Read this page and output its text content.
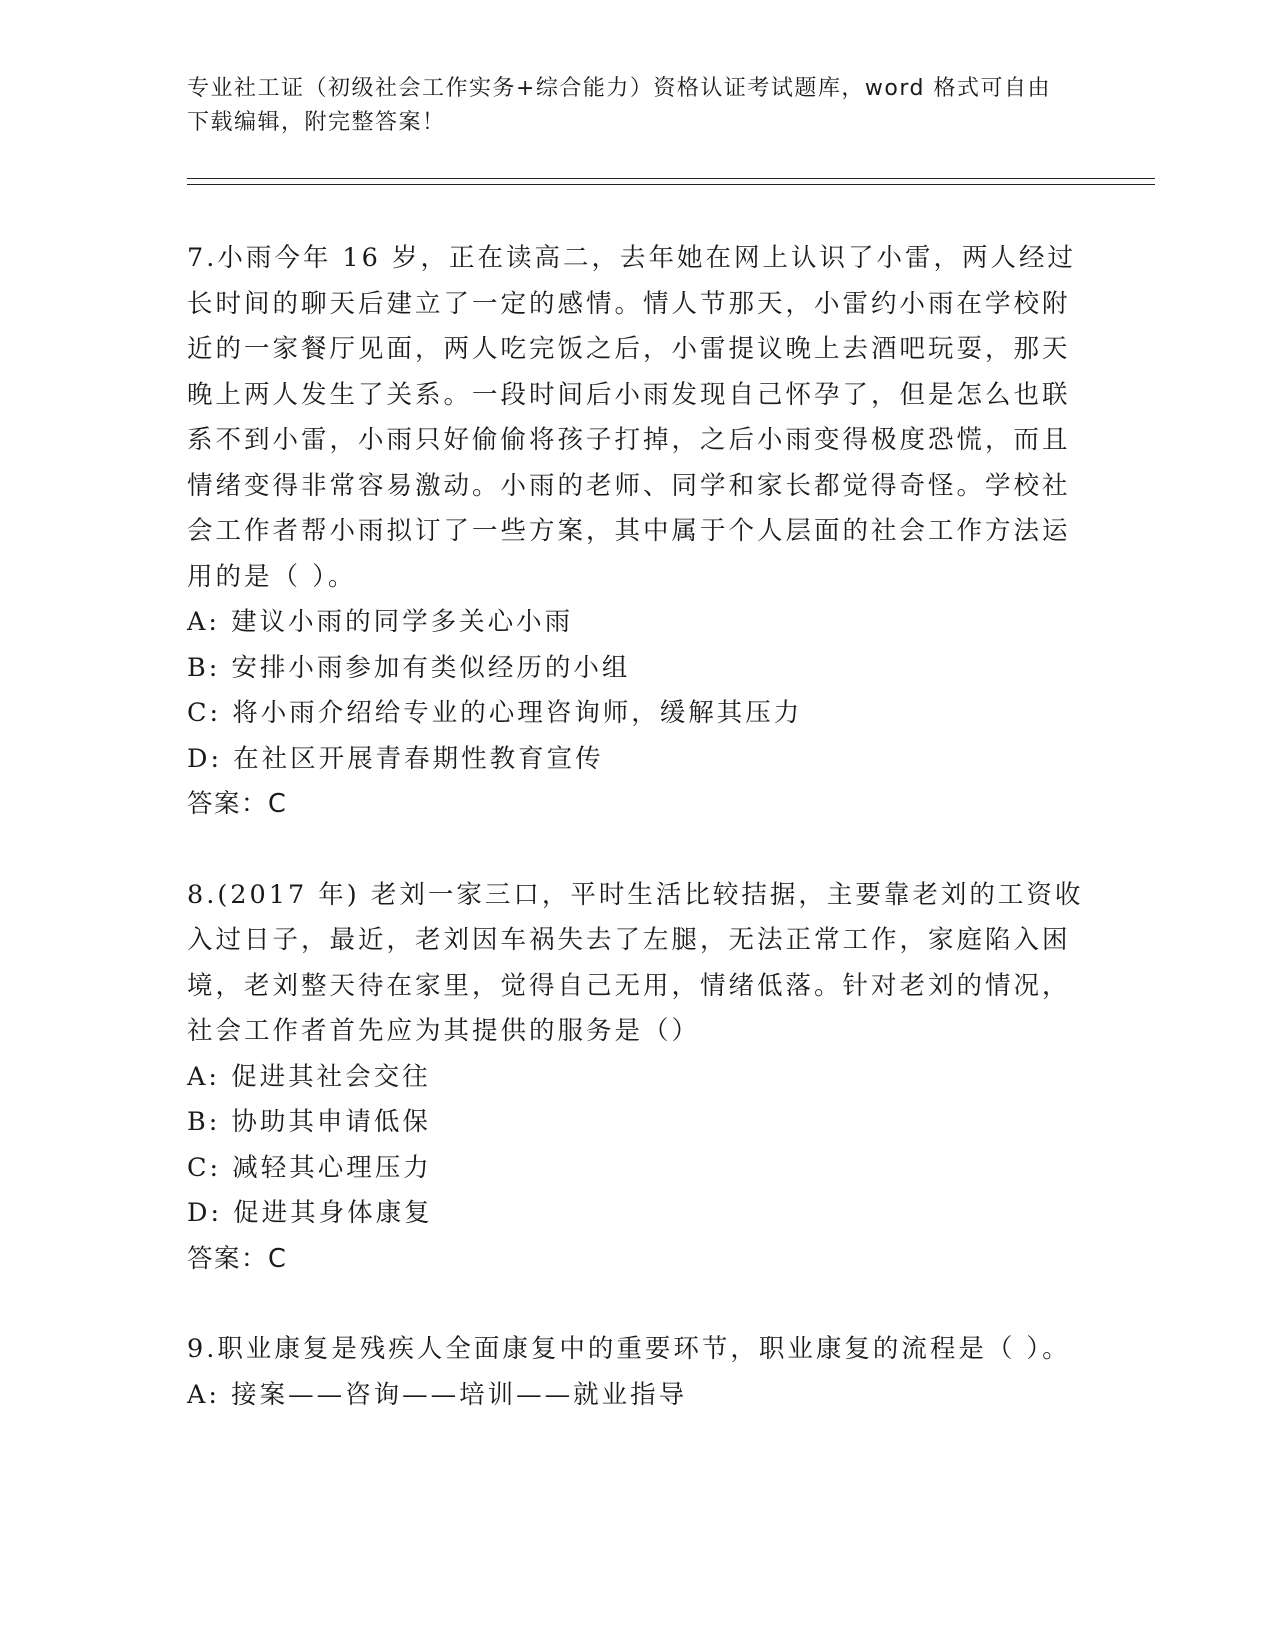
专业社工证（初级社会工作实务+综合能力）资格认证考试题库，word 格式可自由
下载编辑，附完整答案！

7.小雨今年 16 岁，正在读高二，去年她在网上认识了小雷，两人经过长时间的聊天后建立了一定的感情。情人节那天，小雷约小雨在学校附近的一家餐厅见面，两人吃完饭之后，小雷提议晚上去酒吧玩耍，那天晚上两人发生了关系。一段时间后小雨发现自己怀孕了，但是怎么也联系不到小雷，小雨只好偷偷将孩子打掉，之后小雨变得极度恐慌，而且情绪变得非常容易激动。小雨的老师、同学和家长都觉得奇怪。学校社会工作者帮小雨拟订了一些方案，其中属于个人层面的社会工作方法运用的是（ ）。

A: 建议小雨的同学多关心小雨

B: 安排小雨参加有类似经历的小组

C: 将小雨介绍给专业的心理咨询师，缓解其压力

D: 在社区开展青春期性教育宣传

答案：C

8.(2017 年) 老刘一家三口，平时生活比较拮据，主要靠老刘的工资收入过日子，最近，老刘因车祸失去了左腿，无法正常工作，家庭陷入困境，老刘整天待在家里，觉得自己无用，情绪低落。针对老刘的情况，社会工作者首先应为其提供的服务是（）

A: 促进其社会交往

B: 协助其申请低保

C: 减轻其心理压力

D: 促进其身体康复

答案：C

9.职业康复是残疾人全面康复中的重要环节，职业康复的流程是（ ）。

A: 接案——咨询——培训——就业指导
